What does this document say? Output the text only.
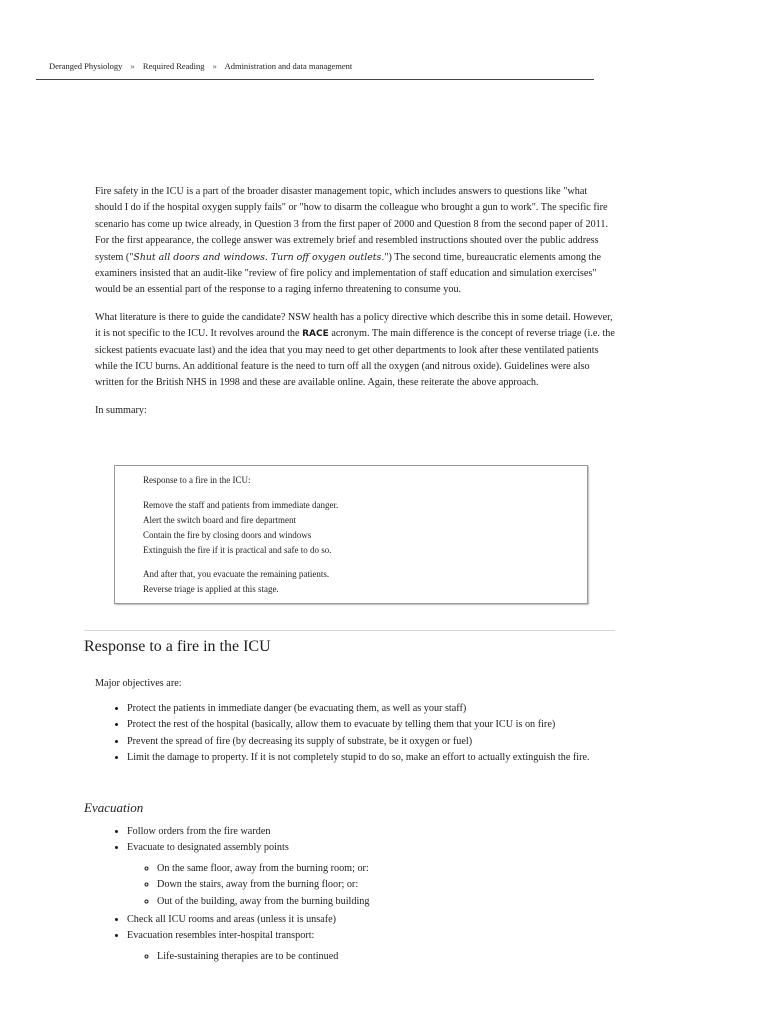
Deranged Physiology » Required Reading » Administration and data management

Fire safety in the ICU is a part of the broader disaster management topic, which includes answers to questions like "what should I do if the hospital oxygen supply fails" or "how to disarm the colleague who brought a gun to work". The specific fire scenario has come up twice already, in Question 3 from the first paper of 2000 and Question 8 from the second paper of 2011. For the first appearance, the college answer was extremely brief and resembled instructions shouted over the public address system ("Shut all doors and windows. Turn off oxygen outlets.") The second time, bureaucratic elements among the examiners insisted that an audit-like "review of fire policy and implementation of staff education and simulation exercises" would be an essential part of the response to a raging inferno threatening to consume you.

What literature is there to guide the candidate? NSW health has a policy directive which describe this in some detail. However, it is not specific to the ICU. It revolves around the RACE acronym. The main difference is the concept of reverse triage (i.e. the sickest patients evacuate last) and the idea that you may need to get other departments to look after these ventilated patients while the ICU burns. An additional feature is the need to turn off all the oxygen (and nitrous oxide). Guidelines were also written for the British NHS in 1998 and these are available online. Again, these reiterate the above approach.

In summary:

Response to a fire in the ICU:
Remove the staff and patients from immediate danger.
Alert the switch board and fire department
Contain the fire by closing doors and windows
Extinguish the fire if it is practical and safe to do so.
And after that, you evacuate the remaining patients.
Reverse triage is applied at this stage.
Response to a fire in the ICU
Major objectives are:
• Protect the patients in immediate danger (be evacuating them, as well as your staff)
• Protect the rest of the hospital (basically, allow them to evacuate by telling them that your ICU is on fire)
• Prevent the spread of fire (by decreasing its supply of substrate, be it oxygen or fuel)
• Limit the damage to property. If it is not completely stupid to do so, make an effort to actually extinguish the fire.
Evacuation
• Follow orders from the fire warden
• Evacuate to designated assembly points
◦ On the same floor, away from the burning room; or:
◦ Down the stairs, away from the burning floor; or:
◦ Out of the building, away from the burning building
• Check all ICU rooms and areas (unless it is unsafe)
• Evacuation resembles inter-hospital transport:
◦ Life-sustaining therapies are to be continued
